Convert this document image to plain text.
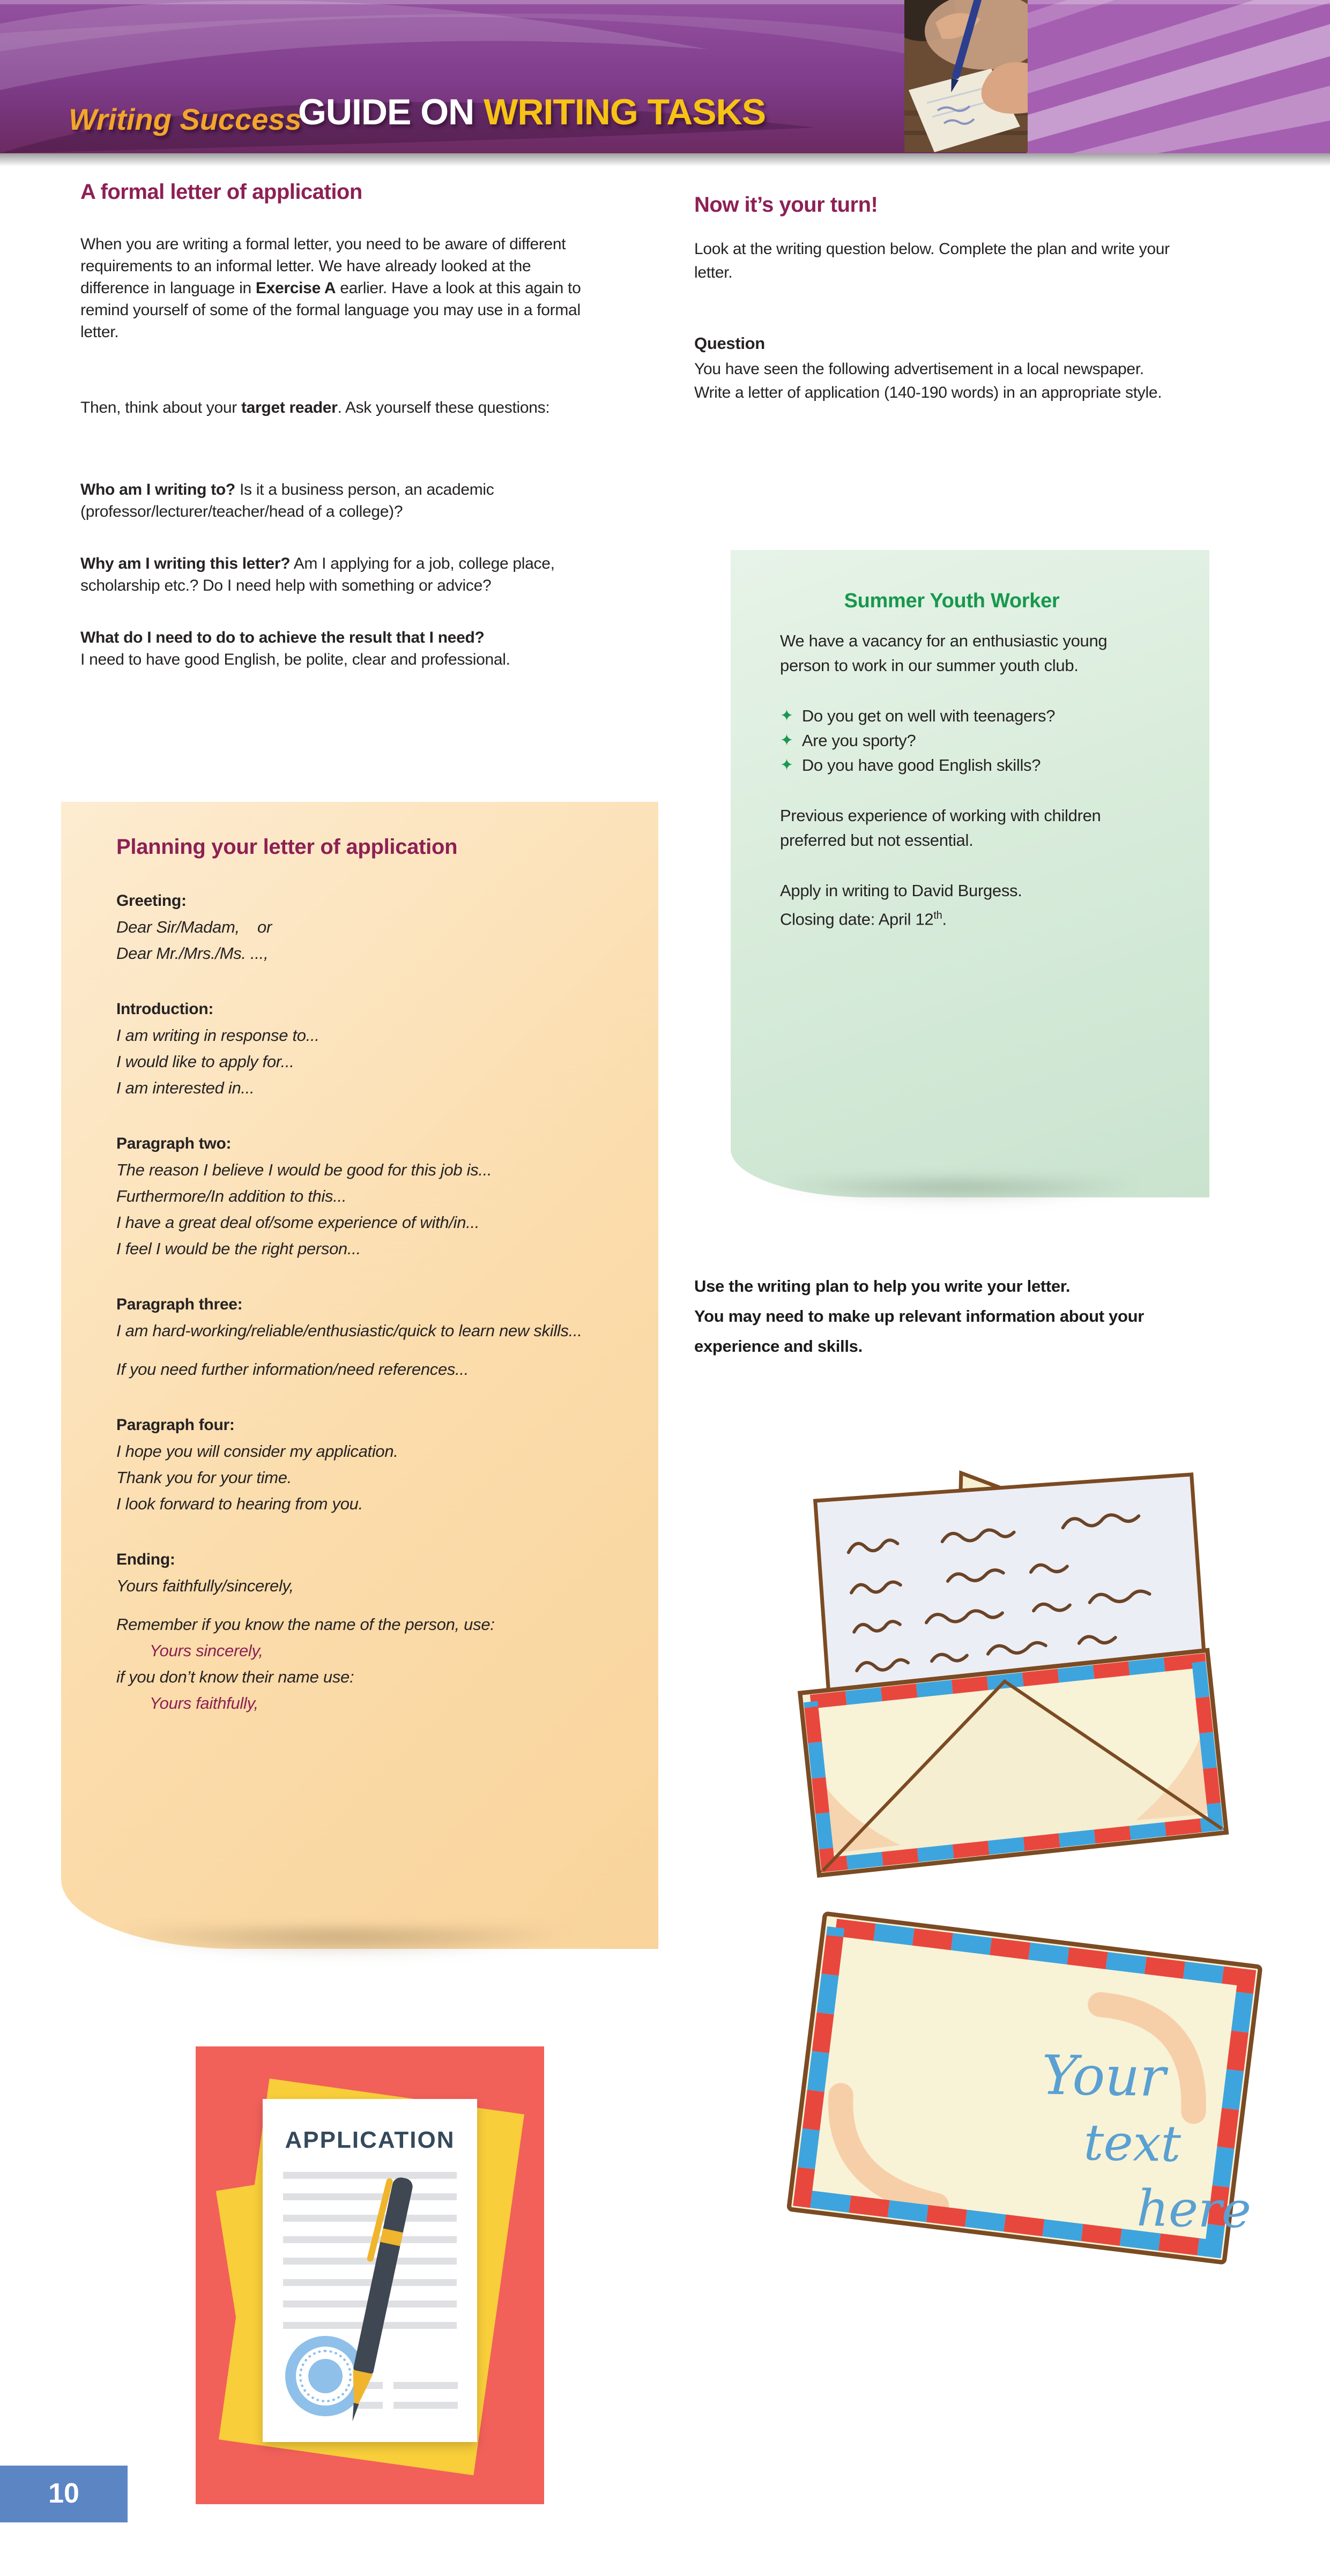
Writing Success
GUIDE ON WRITING TASKS
A formal letter of application

When you are writing a formal letter, you need to be aware of different requirements to an informal letter. We have already looked at the difference in language in Exercise A earlier. Have a look at this again to remind yourself of some of the formal language you may use in a formal letter.

Then, think about your target reader. Ask yourself these questions:

Who am I writing to? Is it a business person, an academic (professor/lecturer/teacher/head of a college)?

Why am I writing this letter? Am I applying for a job, college place, scholarship etc.? Do I need help with something or advice?

What do I need to do to achieve the result that I need?
I need to have good English, be polite, clear and professional.

Planning your letter of application
Greeting:
Dear Sir/Madam,    or
Dear Mr./Mrs./Ms. ...,
Introduction:
I am writing in response to...
I would like to apply for...
I am interested in...
Paragraph two:
The reason I believe I would be good for this job is...
Furthermore/In addition to this...
I have a great deal of/some experience of with/in...
I feel I would be the right person...
Paragraph three:
I am hard-working/reliable/enthusiastic/quick to learn new skills...
If you need further information/need references...
Paragraph four:
I hope you will consider my application.
Thank you for your time.
I look forward to hearing from you.
Ending:
Yours faithfully/sincerely,
Remember if you know the name of the person, use:
Yours sincerely,
if you don’t know their name use:
Yours faithfully,
Now it’s your turn!

Look at the writing question below. Complete the plan and write your letter.

Question

You have seen the following advertisement in a local newspaper. Write a letter of application (140-190 words) in an appropriate style.

Summer Youth Worker

We have a vacancy for an enthusiastic young person to work in our summer youth club.

✦ Do you get on well with teenagers?
✦ Are you sporty?
✦ Do you have good English skills?

Previous experience of working with children preferred but not essential.

Apply in writing to David Burgess.
Closing date: April 12th.

Use the writing plan to help you write your letter.
You may need to make up relevant information about your experience and skills.
Your
text
here
APPLICATION
10
